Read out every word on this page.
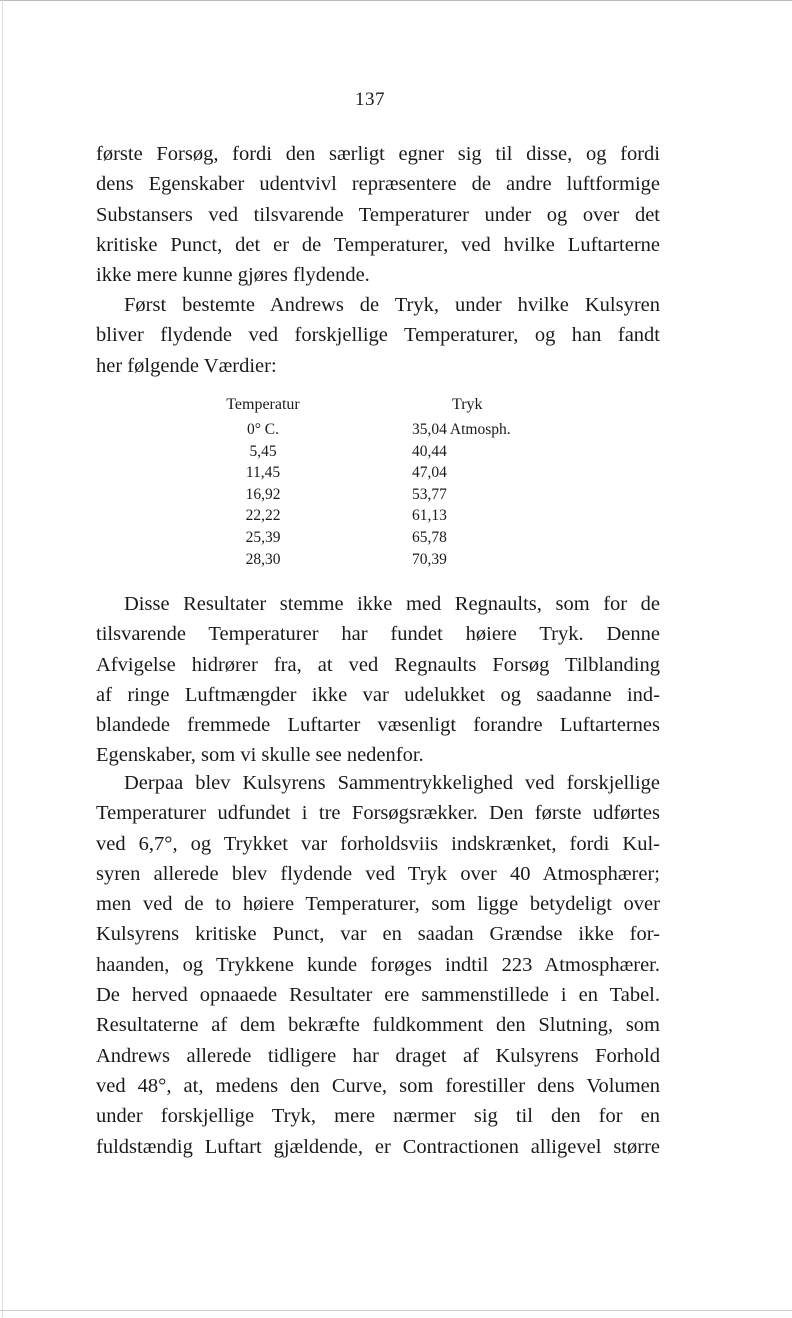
137
første Forsøg, fordi den særligt egner sig til disse, og fordi
dens Egenskaber udentvivl repræsentere de andre luftformige
Substansers ved tilsvarende Temperaturer under og over det
kritiske Punct, det er de Temperaturer, ved hvilke Luftarterne
ikke mere kunne gjøres flydende.
Først bestemte Andrews de Tryk, under hvilke Kulsyren
bliver flydende ved forskjellige Temperaturer, og han fandt
her følgende Værdier:
Temperatur	Tryk
0° C.	35,04 Atmosph.
5,45	40,44
11,45	47,04
16,92	53,77
22,22	61,13
25,39	65,78
28,30	70,39
Disse Resultater stemme ikke med Regnaults, som for de
tilsvarende Temperaturer har fundet høiere Tryk. Denne
Afvigelse hidrører fra, at ved Regnaults Forsøg Tilblanding
af ringe Luftmængder ikke var udelukket og saadanne ind-
blandede fremmede Luftarter væsenligt forandre Luftarternes
Egenskaber, som vi skulle see nedenfor.
Derpaa blev Kulsyrens Sammentrykkelighed ved forskjellige
Temperaturer udfundet i tre Forsøgsrækker. Den første udførtes
ved 6,7°, og Trykket var forholdsviis indskrænket, fordi Kul-
syren allerede blev flydende ved Tryk over 40 Atmosphærer;
men ved de to høiere Temperaturer, som ligge betydeligt over
Kulsyrens kritiske Punct, var en saadan Grændse ikke for-
haanden, og Trykkene kunde forøges indtil 223 Atmosphærer.
De herved opnaaede Resultater ere sammenstillede i en Tabel.
Resultaterne af dem bekræfte fuldkomment den Slutning, som
Andrews allerede tidligere har draget af Kulsyrens Forhold
ved 48°, at, medens den Curve, som forestiller dens Volumen
under forskjellige Tryk, mere nærmer sig til den for en
fuldstændig Luftart gjældende, er Contractionen alligevel større
